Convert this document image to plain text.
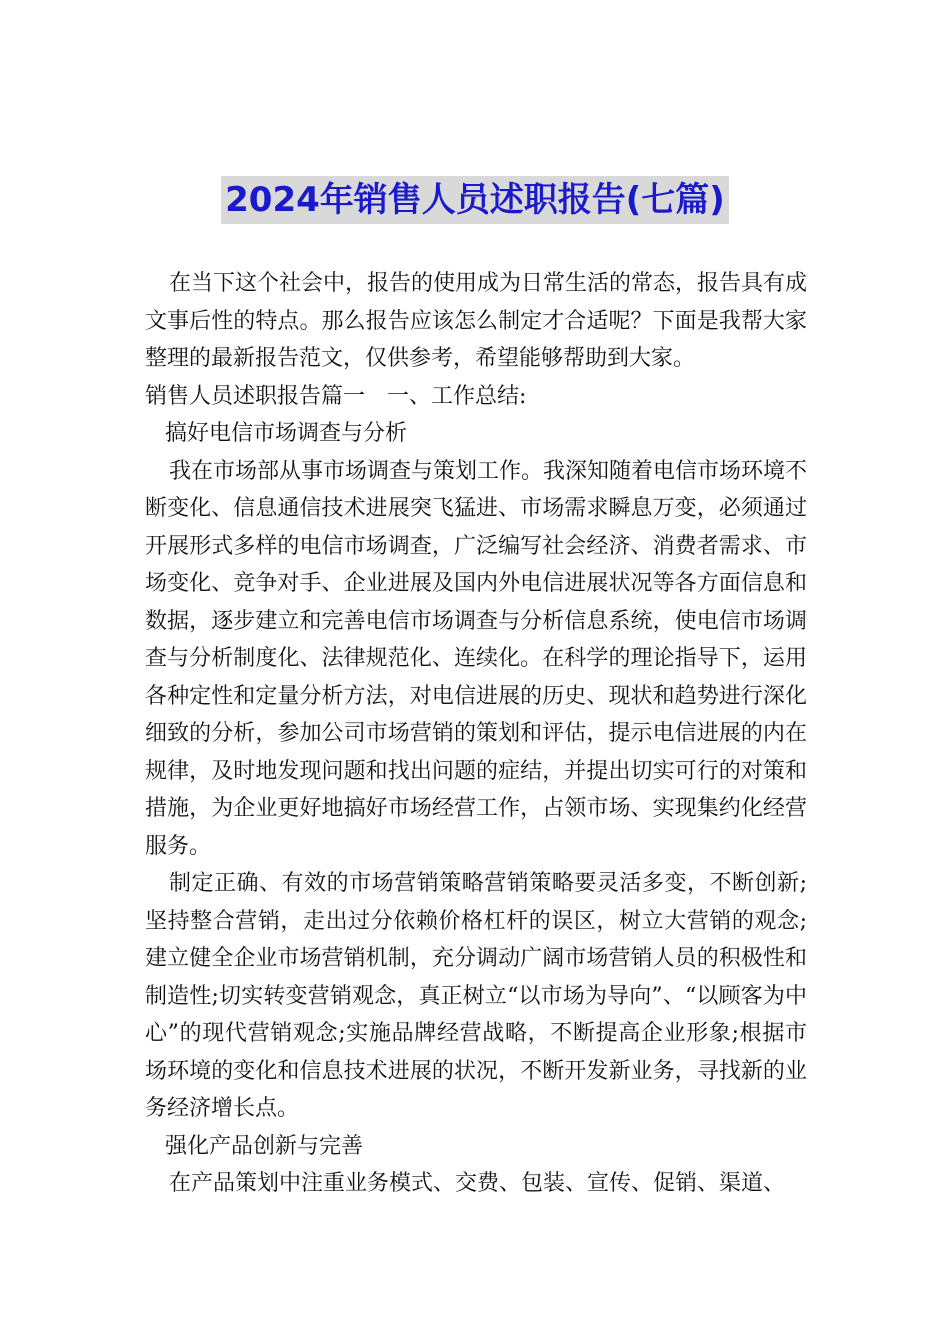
2024年销售人员述职报告(七篇)

在当下这个社会中，报告的使用成为日常生活的常态，报告具有成文事后性的特点。那么报告应该怎么制定才合适呢？下面是我帮大家整理的最新报告范文，仅供参考，希望能够帮助到大家。

销售人员述职报告篇一　一、工作总结:

搞好电信市场调查与分析

我在市场部从事市场调查与策划工作。我深知随着电信市场环境不断变化、信息通信技术进展突飞猛进、市场需求瞬息万变，必须通过开展形式多样的电信市场调查，广泛编写社会经济、消费者需求、市场变化、竞争对手、企业进展及国内外电信进展状况等各方面信息和数据，逐步建立和完善电信市场调查与分析信息系统，使电信市场调查与分析制度化、法律规范化、连续化。在科学的理论指导下，运用各种定性和定量分析方法，对电信进展的历史、现状和趋势进行深化细致的分析，参加公司市场营销的策划和评估，提示电信进展的内在规律，及时地发现问题和找出问题的症结，并提出切实可行的对策和措施，为企业更好地搞好市场经营工作，占领市场、实现集约化经营服务。

制定正确、有效的市场营销策略营销策略要灵活多变，不断创新;坚持整合营销，走出过分依赖价格杠杆的误区，树立大营销的观念;建立健全企业市场营销机制，充分调动广阔市场营销人员的积极性和制造性;切实转变营销观念，真正树立“以市场为导向”、“以顾客为中心”的现代营销观念;实施品牌经营战略，不断提高企业形象;根据市场环境的变化和信息技术进展的状况，不断开发新业务，寻找新的业务经济增长点。

强化产品创新与完善

在产品策划中注重业务模式、交费、包装、宣传、促销、渠道、
